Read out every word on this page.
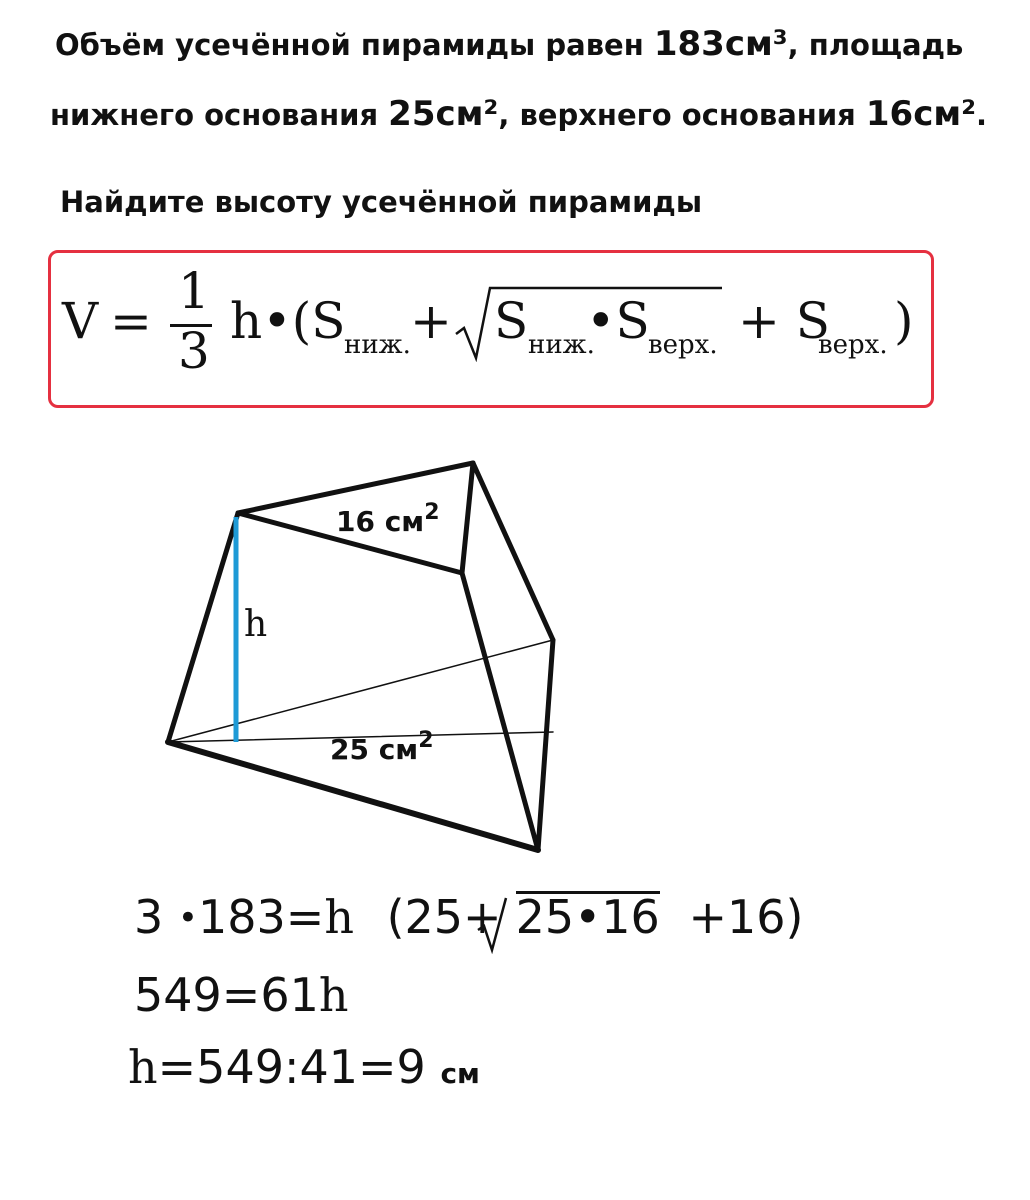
Объём усечённой пирамиды равен 183см³, площадь
нижнего основания 25см², верхнего основания 16см².
Найдите высоту усечённой пирамиды
V =
1
3
h•(S
ниж. + S ниж.
•S
верх. + S
верх. )
16 $см^2$
25 $см^2$
h
3 •183=h (25+ 25•16 +16)
549=61h
h=549:41=9 см
